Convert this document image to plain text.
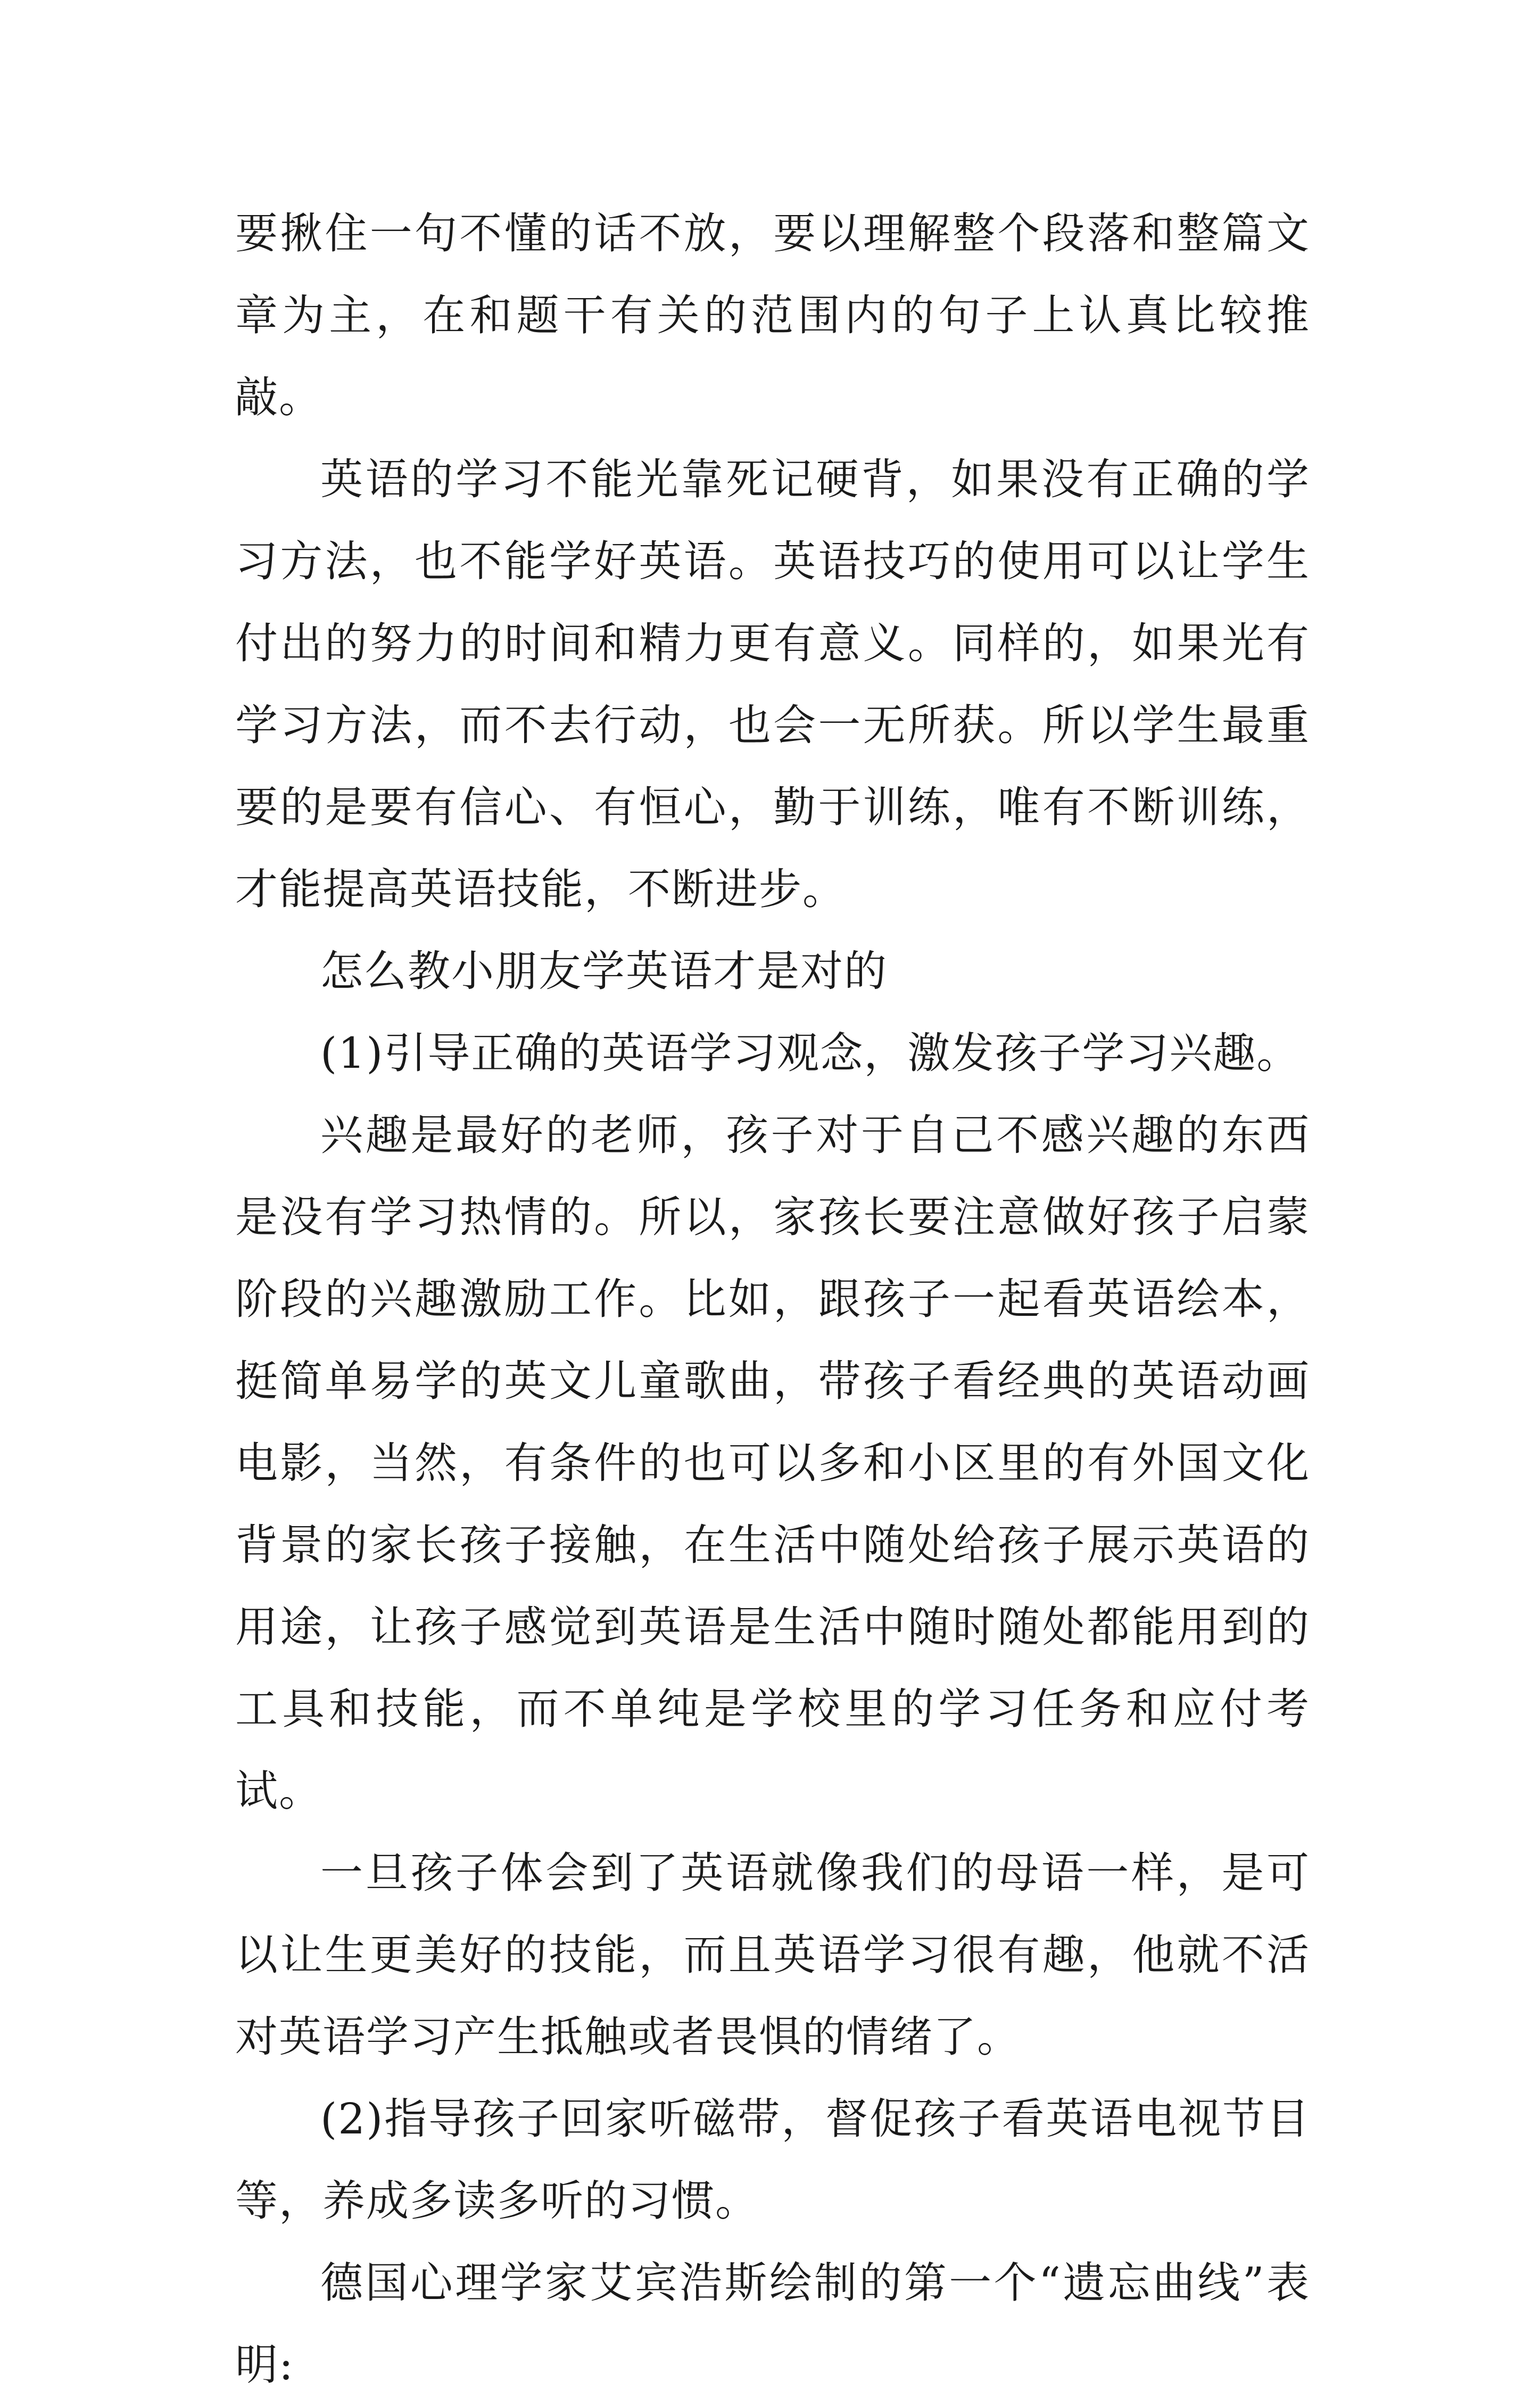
要揪住一句不懂的话不放，要以理解整个段落和整篇文章为主，在和题干有关的范围内的句子上认真比较推敲。

英语的学习不能光靠死记硬背，如果没有正确的学习方法，也不能学好英语。英语技巧的使用可以让学生付出的努力的时间和精力更有意义。同样的，如果光有学习方法，而不去行动，也会一无所获。所以学生最重要的是要有信心、有恒心，勤于训练，唯有不断训练，才能提高英语技能，不断进步。

怎么教小朋友学英语才是对的

(1)引导正确的英语学习观念，激发孩子学习兴趣。

兴趣是最好的老师，孩子对于自己不感兴趣的东西是没有学习热情的。所以，家孩长要注意做好孩子启蒙阶段的兴趣激励工作。比如，跟孩子一起看英语绘本，挺简单易学的英文儿童歌曲，带孩子看经典的英语动画电影，当然，有条件的也可以多和小区里的有外国文化背景的家长孩子接触，在生活中随处给孩子展示英语的用途，让孩子感觉到英语是生活中随时随处都能用到的工具和技能，而不单纯是学校里的学习任务和应付考试。

一旦孩子体会到了英语就像我们的母语一样，是可以让生更美好的技能，而且英语学习很有趣，他就不活对英语学习产生抵触或者畏惧的情绪了。

(2)指导孩子回家听磁带，督促孩子看英语电视节目等，养成多读多听的习惯。

德国心理学家艾宾浩斯绘制的第一个“遗忘曲线”表明:
